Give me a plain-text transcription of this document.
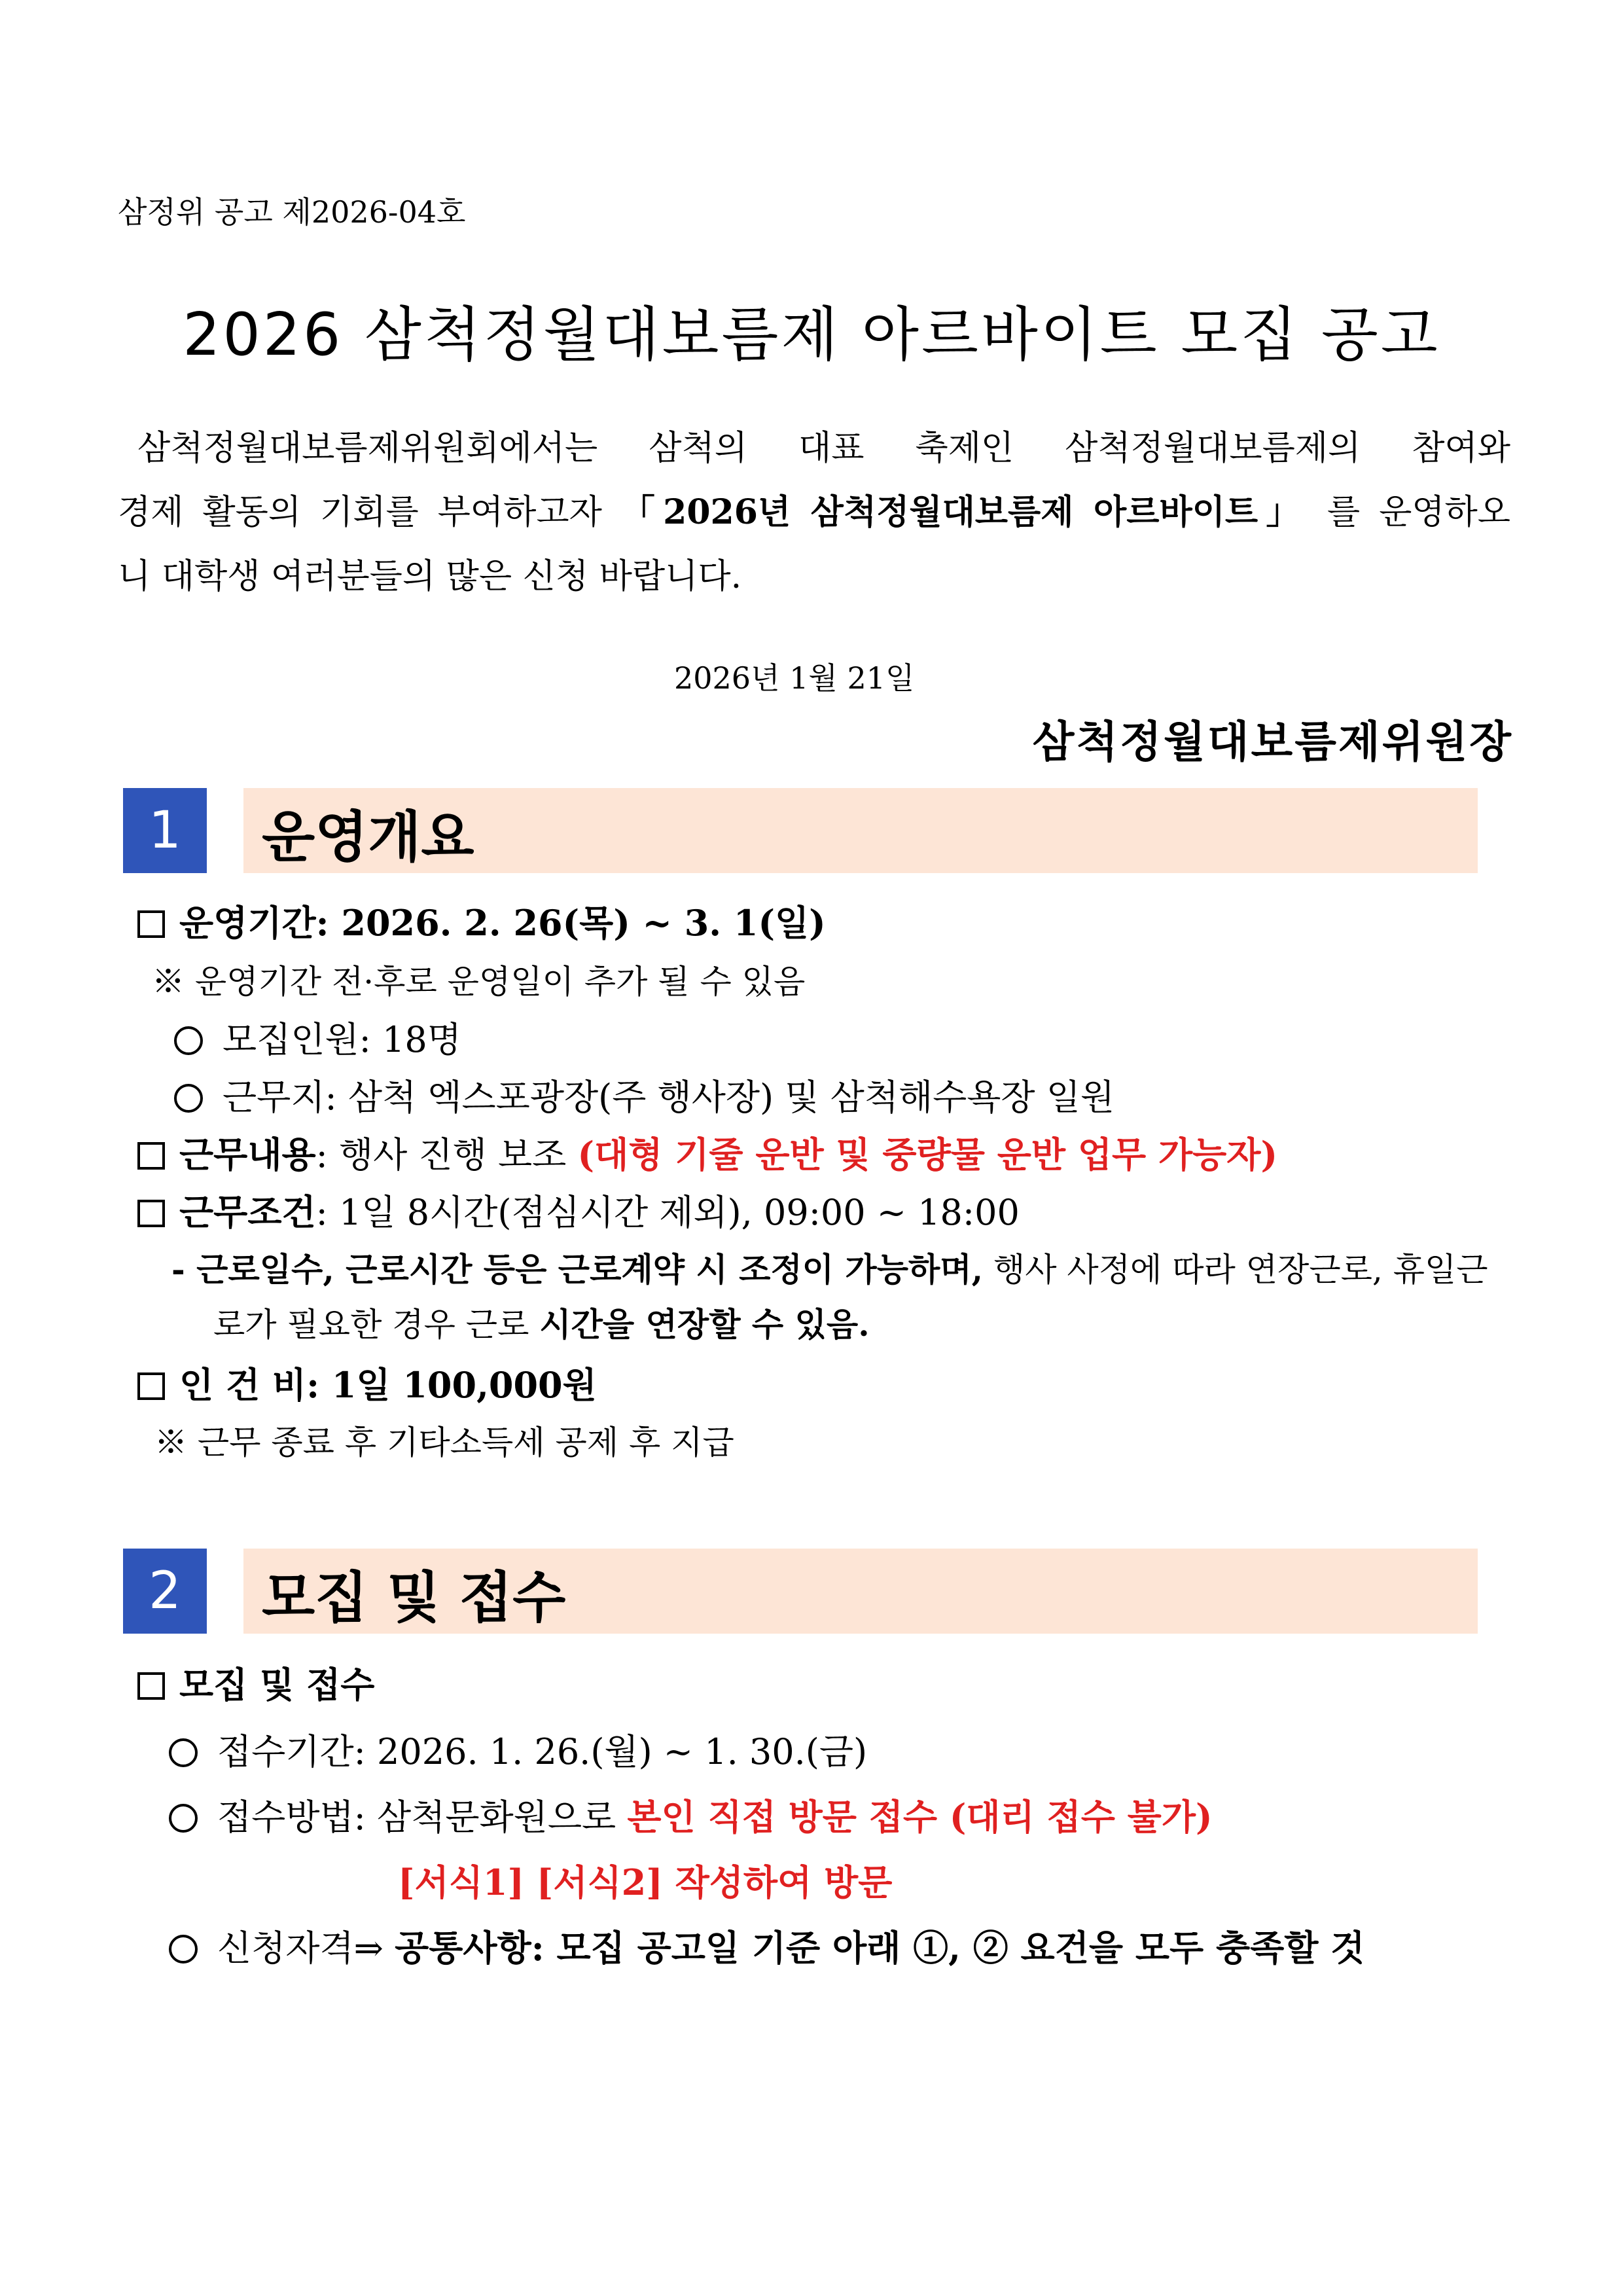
삼정위 공고 제2026-04호
2026 삼척정월대보름제 아르바이트 모집 공고
삼척정월대보름제위원회에서는 삼척의 대표 축제인 삼척정월대보름제의 참여와
경제 활동의 기회를 부여하고자 「2026년 삼척정월대보름제 아르바이트」 를 운영하오
니 대학생 여러분들의 많은 신청 바랍니다.
2026년 1월 21일
삼척정월대보름제위원장
1	운영개요
운영기간: 2026. 2. 26(목) ~ 3. 1(일)
※ 운영기간 전·후로 운영일이 추가 될 수 있음
모집인원: 18명
근무지: 삼척 엑스포광장(주 행사장) 및 삼척해수욕장 일원
근무내용: 행사 진행 보조 (대형 기줄 운반 및 중량물 운반 업무 가능자)
근무조건: 1일 8시간(점심시간 제외), 09:00 ~ 18:00
- 근로일수, 근로시간 등은 근로계약 시 조정이 가능하며, 행사 사정에 따라 연장근로, 휴일근
로가 필요한 경우 근로 시간을 연장할 수 있음.
인 건 비: 1일 100,000원
※ 근무 종료 후 기타소득세 공제 후 지급
2	모집 및 접수
모집 및 접수
접수기간: 2026. 1. 26.(월) ~ 1. 30.(금)
접수방법: 삼척문화원으로 본인 직접 방문 접수 (대리 접수 불가)
[서식1] [서식2] 작성하여 방문
신청자격⇒ 공통사항: 모집 공고일 기준 아래 ①, ② 요건을 모두 충족할 것
